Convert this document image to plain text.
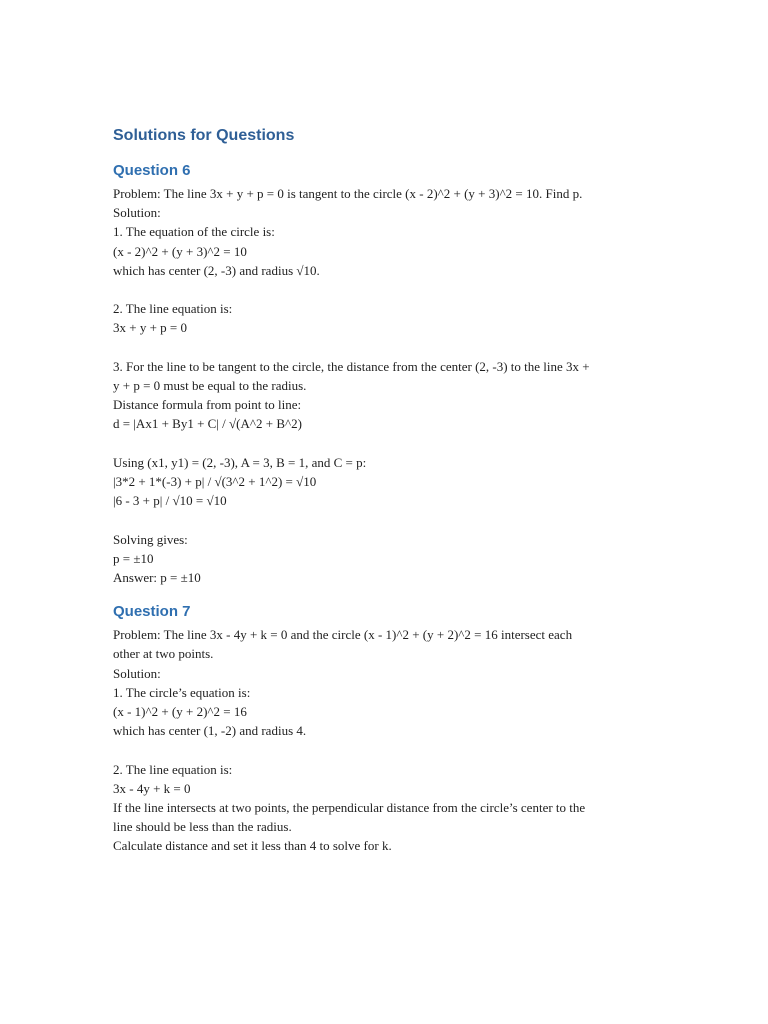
Solutions for Questions
Question 6
Problem: The line 3x + y + p = 0 is tangent to the circle (x - 2)^2 + (y + 3)^2 = 10. Find p.
Solution:
1. The equation of the circle is:
(x - 2)^2 + (y + 3)^2 = 10
which has center (2, -3) and radius √10.
2. The line equation is:
3x + y + p = 0
3. For the line to be tangent to the circle, the distance from the center (2, -3) to the line 3x +
y + p = 0 must be equal to the radius.
Distance formula from point to line:
d = |Ax1 + By1 + C| / √(A^2 + B^2)
Using (x1, y1) = (2, -3), A = 3, B = 1, and C = p:
|3*2 + 1*(-3) + p| / √(3^2 + 1^2) = √10
|6 - 3 + p| / √10 = √10
Solving gives:
p = ±10
Answer: p = ±10
Question 7
Problem: The line 3x - 4y + k = 0 and the circle (x - 1)^2 + (y + 2)^2 = 16 intersect each
other at two points.
Solution:
1. The circle’s equation is:
(x - 1)^2 + (y + 2)^2 = 16
which has center (1, -2) and radius 4.
2. The line equation is:
3x - 4y + k = 0
If the line intersects at two points, the perpendicular distance from the circle’s center to the
line should be less than the radius.
Calculate distance and set it less than 4 to solve for k.
